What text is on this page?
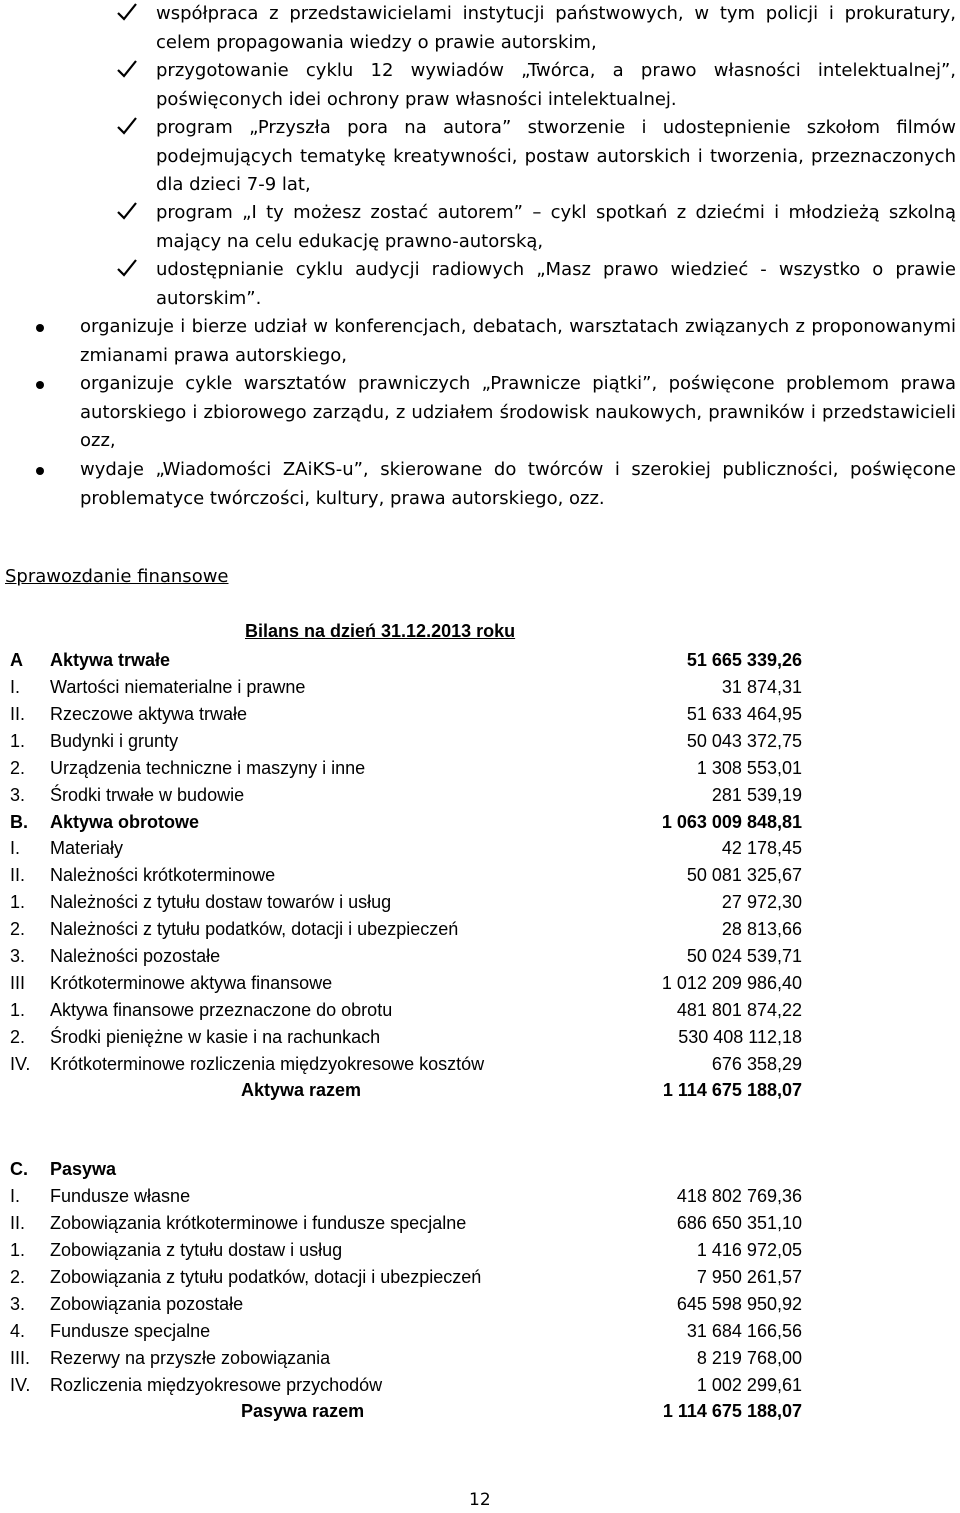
współpraca z przedstawicielami instytucji państwowych, w tym policji i prokuratury, celem propagowania wiedzy o prawie autorskim,
przygotowanie cyklu 12 wywiadów „Twórca, a prawo własności intelektualnej”, poświęconych idei ochrony praw własności intelektualnej.
program „Przyszła pora na autora” stworzenie i udostepnienie szkołom filmów podejmujących tematykę kreatywności, postaw autorskich i tworzenia, przeznaczonych dla dzieci 7-9 lat,
program „I ty możesz zostać autorem” – cykl spotkań z dziećmi i młodzieżą szkolną mający na celu edukację prawno-autorską,
udostępnianie cyklu audycji radiowych „Masz prawo wiedzieć - wszystko o prawie autorskim”.
organizuje i bierze udział w konferencjach, debatach, warsztatach związanych z proponowanymi zmianami prawa autorskiego,
organizuje cykle warsztatów prawniczych „Prawnicze piątki”, poświęcone problemom prawa autorskiego i zbiorowego zarządu, z udziałem środowisk naukowych, prawników i przedstawicieli ozz,
wydaje „Wiadomości ZAiKS-u”, skierowane do twórców i szerokiej publiczności, poświęcone problematyce twórczości, kultury, prawa autorskiego, ozz.
Sprawozdanie finansowe
Bilans na dzień 31.12.2013 roku
A Aktywa trwałe	51 665 339,26
I. Wartości niematerialne i prawne	31 874,31
II. Rzeczowe aktywa trwałe	51 633 464,95
1. Budynki i grunty	50 043 372,75
2. Urządzenia techniczne i maszyny i inne	1 308 553,01
3. Środki trwałe w budowie	281 539,19
B. Aktywa obrotowe	1 063 009 848,81
I. Materiały	42 178,45
II. Należności krótkoterminowe	50 081 325,67
1. Należności z tytułu dostaw towarów i usług	27 972,30
2. Należności z tytułu podatków, dotacji i ubezpieczeń	28 813,66
3. Należności pozostałe	50 024 539,71
III Krótkoterminowe aktywa finansowe	1 012 209 986,40
1. Aktywa finansowe przeznaczone do obrotu	481 801 874,22
2. Środki pieniężne w kasie i na rachunkach	530 408 112,18
IV. Krótkoterminowe rozliczenia międzyokresowe kosztów	676 358,29
Aktywa razem	1 114 675 188,07
C. Pasywa
I. Fundusze własne	418 802 769,36
II. Zobowiązania krótkoterminowe i fundusze specjalne	686 650 351,10
1. Zobowiązania z tytułu dostaw i usług	1 416 972,05
2. Zobowiązania z tytułu podatków, dotacji i ubezpieczeń	7 950 261,57
3. Zobowiązania pozostałe	645 598 950,92
4. Fundusze specjalne	31 684 166,56
III. Rezerwy na przyszłe zobowiązania	8 219 768,00
IV. Rozliczenia międzyokresowe przychodów	1 002 299,61
Pasywa razem	1 114 675 188,07
12
